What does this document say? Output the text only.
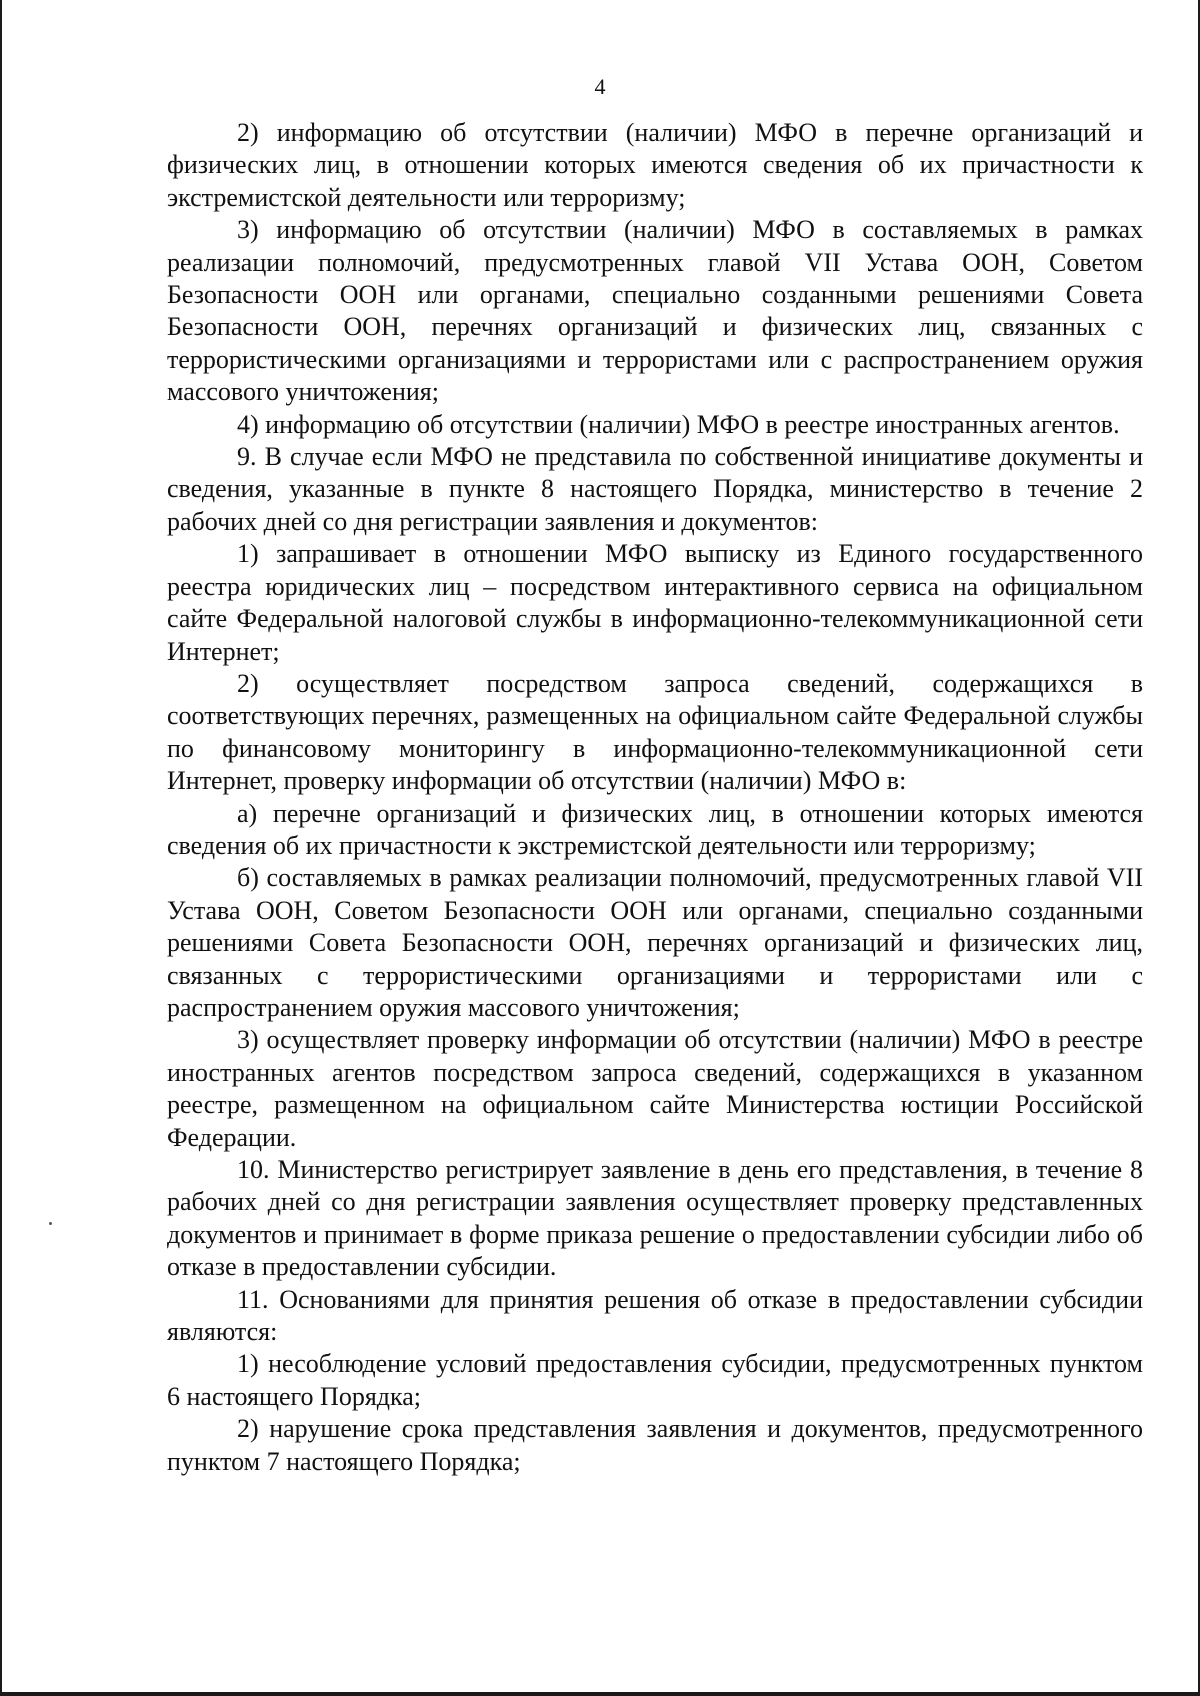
4

2) информацию об отсутствии (наличии) МФО в перечне организаций и физических лиц, в отношении которых имеются сведения об их причастности к экстремистской деятельности или терроризму;

3) информацию об отсутствии (наличии) МФО в составляемых в рамках реализации полномочий, предусмотренных главой VII Устава ООН, Советом Безопасности ООН или органами, специально созданными решениями Совета Безопасности ООН, перечнях организаций и физических лиц, связанных с террористическими организациями и террористами или с распространением оружия массового уничтожения;

4) информацию об отсутствии (наличии) МФО в реестре иностранных агентов.

9. В случае если МФО не представила по собственной инициативе документы и сведения, указанные в пункте 8 настоящего Порядка, министерство в течение 2 рабочих дней со дня регистрации заявления и документов:

1) запрашивает в отношении МФО выписку из Единого государственного реестра юридических лиц – посредством интерактивного сервиса на официальном сайте Федеральной налоговой службы в информационно-телекоммуникационной сети Интернет;

2) осуществляет посредством запроса сведений, содержащихся в соответствующих перечнях, размещенных на официальном сайте Федеральной службы по финансовому мониторингу в информационно-телекоммуникационной сети Интернет, проверку информации об отсутствии (наличии) МФО в:

а) перечне организаций и физических лиц, в отношении которых имеются сведения об их причастности к экстремистской деятельности или терроризму;

б) составляемых в рамках реализации полномочий, предусмотренных главой VII Устава ООН, Советом Безопасности ООН или органами, специально созданными решениями Совета Безопасности ООН, перечнях организаций и физических лиц, связанных с террористическими организациями и террористами или с распространением оружия массового уничтожения;

3) осуществляет проверку информации об отсутствии (наличии) МФО в реестре иностранных агентов посредством запроса сведений, содержащихся в указанном реестре, размещенном на официальном сайте Министерства юстиции Российской Федерации.

10. Министерство регистрирует заявление в день его представления, в течение 8 рабочих дней со дня регистрации заявления осуществляет проверку представленных документов и принимает в форме приказа решение о предоставлении субсидии либо об отказе в предоставлении субсидии.

11. Основаниями для принятия решения об отказе в предоставлении субсидии являются:

1) несоблюдение условий предоставления субсидии, предусмотренных пунктом 6 настоящего Порядка;

2) нарушение срока представления заявления и документов, предусмотренного пунктом 7 настоящего Порядка;
